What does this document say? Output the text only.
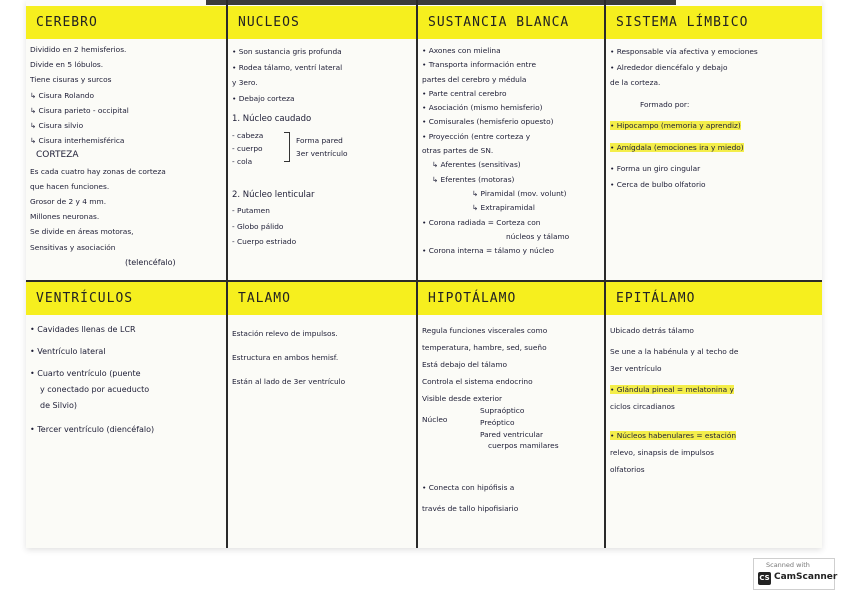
CEREBRO
Dividido en 2 hemisferios.
Divide en 5 lóbulos.
Tiene cisuras y surcos
↳ Cisura Rolando
↳ Cisura parieto - occipital
↳ Cisura silvio
↳ Cisura interhemisférica
CORTEZA
Es cada cuatro hay zonas de corteza
que hacen funciones.
Grosor de 2 y 4 mm.
Millones neuronas.
Se divide en áreas motoras,
Sensitivas y asociación
(telencéfalo)
NUCLEOS
• Son sustancia gris profunda
• Rodea tálamo, ventrí lateral
y 3ero.
• Debajo corteza
1. Núcleo caudado
- cabeza
- cuerpo
- cola
Forma pared
3er ventrículo
2. Núcleo lenticular
- Putamen
- Globo pálido
- Cuerpo estriado
SUSTANCIA BLANCA
• Axones con mielina
• Transporta información entre
partes del cerebro y médula
• Parte central cerebro
• Asociación (mismo hemisferio)
• Comisurales (hemisferio opuesto)
• Proyección (entre corteza y
otras partes de SN.
↳ Aferentes (sensitivas)
↳ Eferentes (motoras)
↳ Piramidal (mov. volunt)
↳ Extrapiramidal
• Corona radiada = Corteza con
núcleos y tálamo
• Corona interna = tálamo y núcleo
SISTEMA LÍMBICO
• Responsable vía afectiva y emociones
• Alrededor diencéfalo y debajo
de la corteza.
Formado por:
• Hipocampo (memoria y aprendiz)
• Amígdala (emociones ira y miedo)
• Forma un giro cingular
• Cerca de bulbo olfatorio
VENTRÍCULOS
• Cavidades llenas de LCR
• Ventrículo lateral
• Cuarto ventrículo (puente
y conectado por acueducto
de Silvio)
• Tercer ventrículo (diencéfalo)
TALAMO
Estación relevo de impulsos.
Estructura en ambos hemisf.
Están al lado de 3er ventrículo
HIPOTÁLAMO
Regula funciones viscerales como
temperatura, hambre, sed, sueño
Está debajo del tálamo
Controla el sistema endocrino
Visible desde exterior
Núcleo
Supraóptico
Preóptico
Pared ventricular
cuerpos mamilares
• Conecta con hipófisis a
través de tallo hipofisiario
EPITÁLAMO
Ubicado detrás tálamo
Se une a la habénula y al techo de
3er ventrículo
• Glándula pineal = melatonina y
ciclos circadianos
• Núcleos habenulares = estación
relevo, sinapsis de impulsos
olfatorios
Scanned with
CS CamScanner
